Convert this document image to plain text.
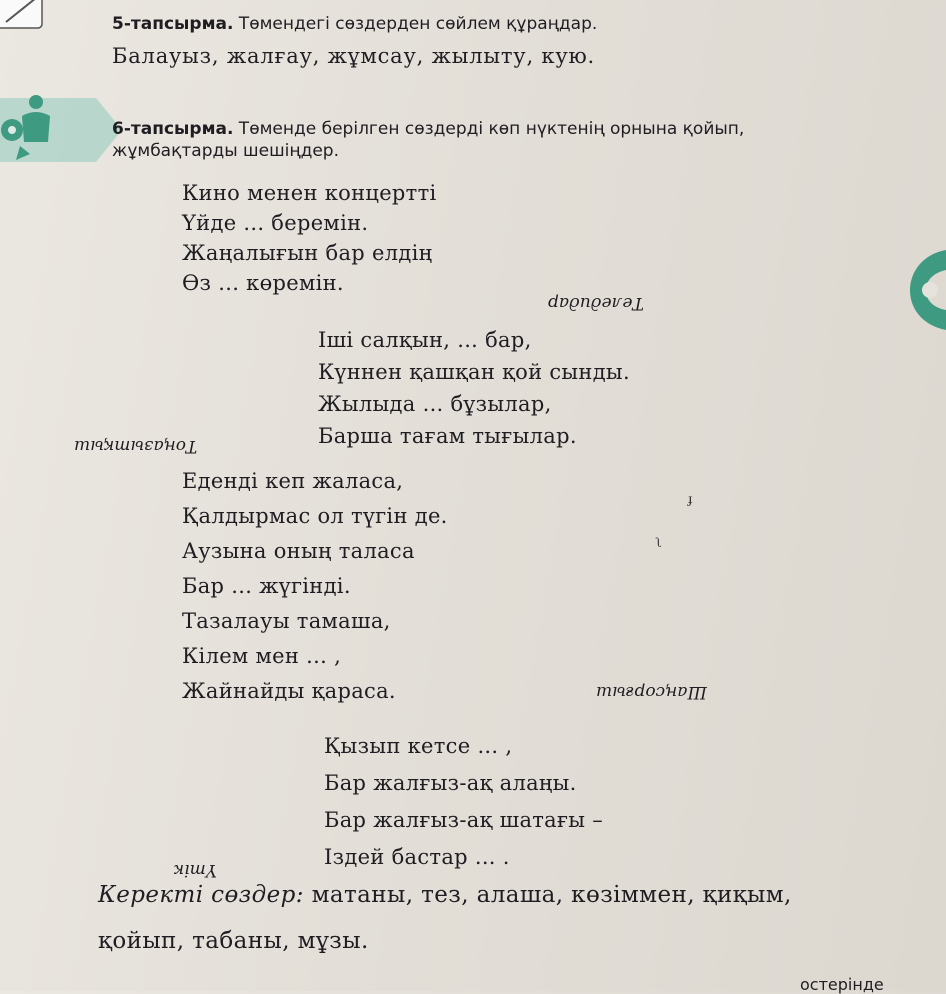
5-тапсырма. Төмендегі сөздерден сөйлем құраңдар.
Балауыз, жалғау, жұмсау, жылыту, кую.
6-тапсырма. Төменде берілген сөздерді көп нүктенің орнына қойып,
жұмбақтарды шешіңдер.
Кино менен концертті
Үйде ... беремін.
Жаңалығын бар елдің
Өз ... көремін.
Теледидар
Іші салқын, ... бар,
Күннен қашқан қой сынды.
Жылыда ... бұзылар,
Барша тағам тығылар.
Тоңазытқыш
Еденді кеп жаласа,
Қалдырмас ол түгін де.
Аузына оның таласа
Бар ... жүгінді.
Тазалауы тамаша,
Кілем мен ... ,
Жайнайды қараса.	Шаңсорғыш
Қызып кетсе ... ,
Бар жалғыз-ақ алаңы.
Бар жалғыз-ақ шатағы –
Іздей бастар ... .
Үтік
Керекті сөздер: матаны, тез, алаша, көзіммен, қиқым,
қойып, табаны, мұзы.
остерінде
ɟ
ʅ
